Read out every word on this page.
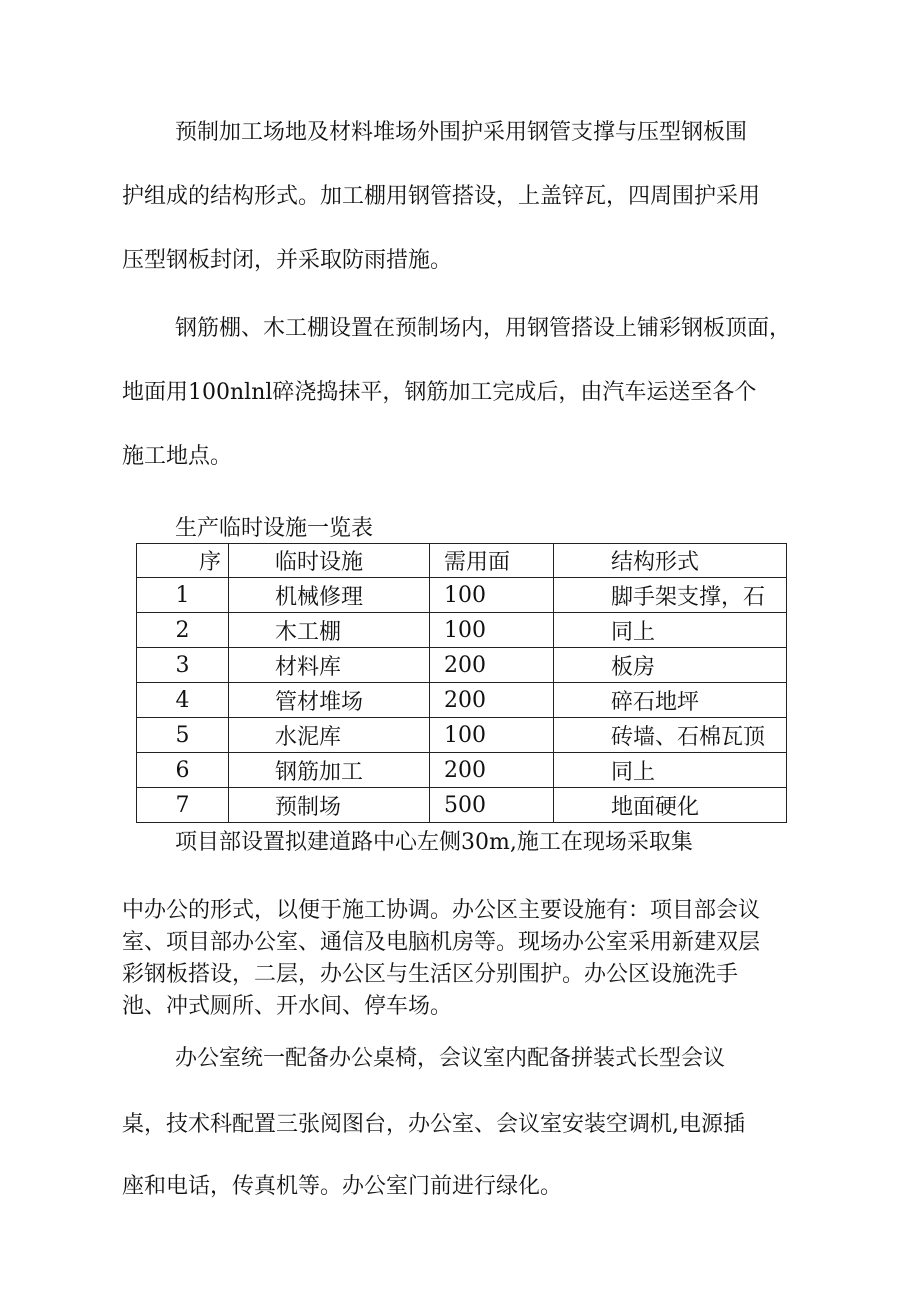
预制加工场地及材料堆场外围护采用钢管支撑与压型钢板围
护组成的结构形式。加工棚用钢管搭设，上盖锌瓦，四周围护采用
压型钢板封闭，并采取防雨措施。
钢筋棚、木工棚设置在预制场内，用钢管搭设上铺彩钢板顶面，
地面用100nlnl碎浇捣抹平，钢筋加工完成后，由汽车运送至各个
施工地点。
生产临时设施一览表
序	临时设施	需用面	结构形式
1	机械修理	100	脚手架支撑，石
2	木工棚	100	同上
3	材料库	200	板房
4	管材堆场	200	碎石地坪
5	水泥库	100	砖墙、石棉瓦顶
6	钢筋加工	200	同上
7	预制场	500	地面硬化
项目部设置拟建道路中心左侧30m,施工在现场采取集
中办公的形式，以便于施工协调。办公区主要设施有：项目部会议
室、项目部办公室、通信及电脑机房等。现场办公室采用新建双层
彩钢板搭设，二层，办公区与生活区分别围护。办公区设施洗手
池、冲式厕所、开水间、停车场。
办公室统一配备办公桌椅，会议室内配备拼装式长型会议
桌，技术科配置三张阅图台，办公室、会议室安装空调机,电源插
座和电话，传真机等。办公室门前进行绿化。
